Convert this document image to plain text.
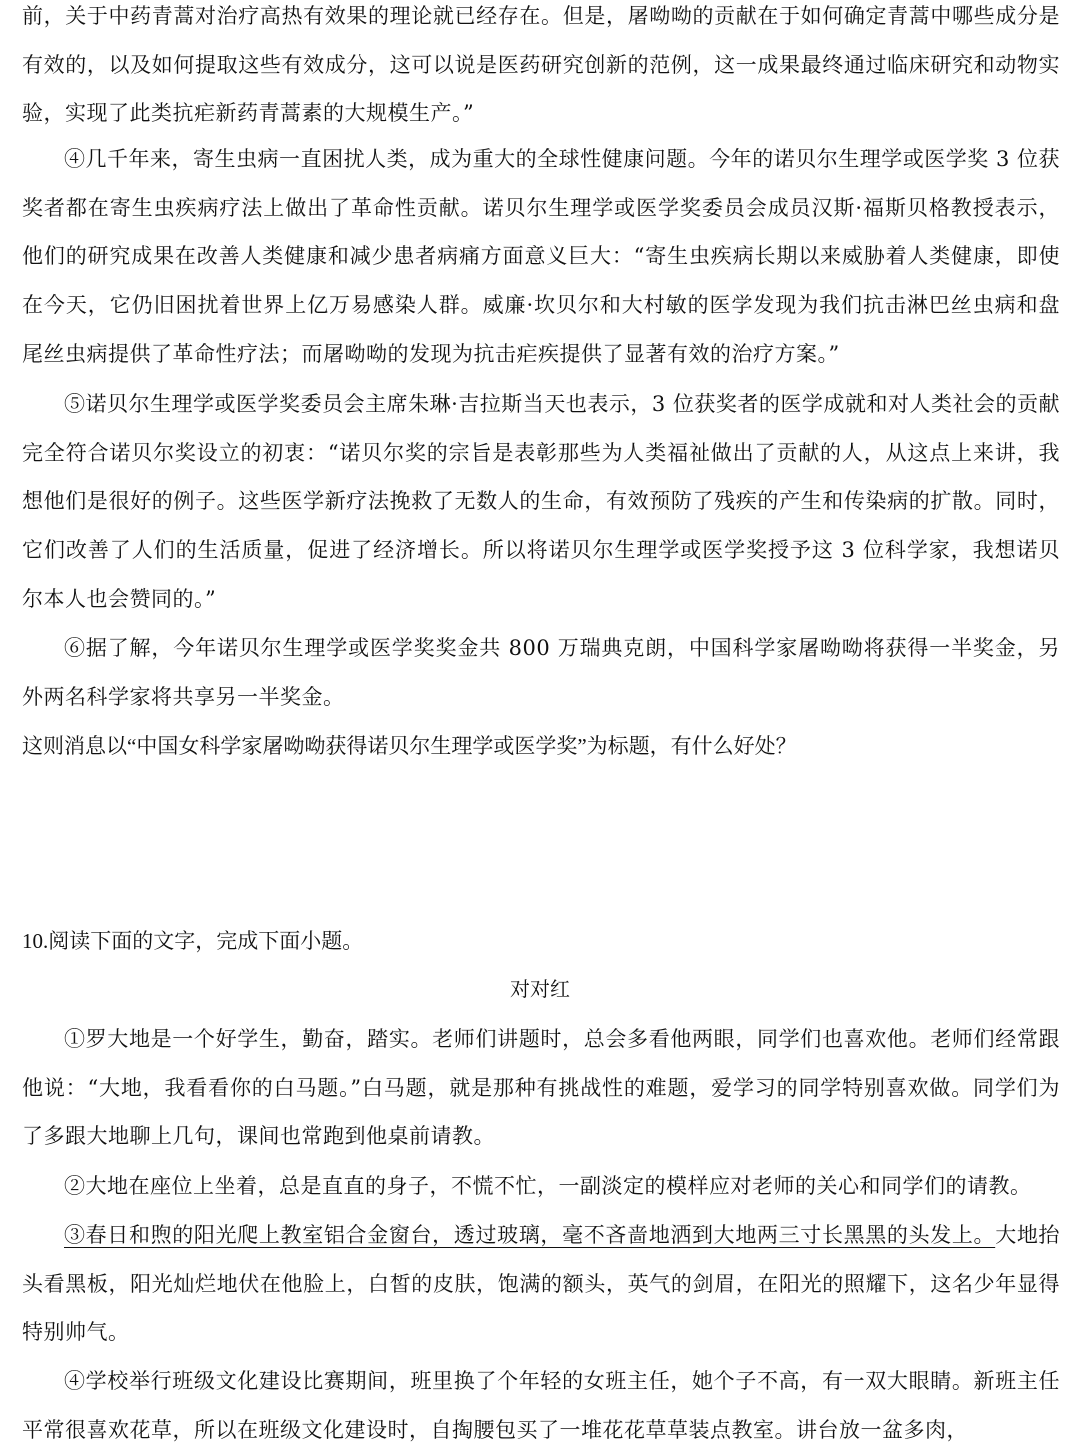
前，关于中药青蒿对治疗高热有效果的理论就已经存在。但是，屠呦呦的贡献在于如何确定青蒿中哪些成分是有效的，以及如何提取这些有效成分，这可以说是医药研究创新的范例，这一成果最终通过临床研究和动物实验，实现了此类抗疟新药青蒿素的大规模生产。”
④几千年来，寄生虫病一直困扰人类，成为重大的全球性健康问题。今年的诺贝尔生理学或医学奖 3 位获奖者都在寄生虫疾病疗法上做出了革命性贡献。诺贝尔生理学或医学奖委员会成员汉斯·福斯贝格教授表示，他们的研究成果在改善人类健康和减少患者病痛方面意义巨大：“寄生虫疾病长期以来威胁着人类健康，即使在今天，它仍旧困扰着世界上亿万易感染人群。威廉·坎贝尔和大村敏的医学发现为我们抗击淋巴丝虫病和盘尾丝虫病提供了革命性疗法；而屠呦呦的发现为抗击疟疾提供了显著有效的治疗方案。”
⑤诺贝尔生理学或医学奖委员会主席朱琳·吉拉斯当天也表示，3 位获奖者的医学成就和对人类社会的贡献完全符合诺贝尔奖设立的初衷：“诺贝尔奖的宗旨是表彰那些为人类福祉做出了贡献的人，从这点上来讲，我想他们是很好的例子。这些医学新疗法挽救了无数人的生命，有效预防了残疾的产生和传染病的扩散。同时，它们改善了人们的生活质量，促进了经济增长。所以将诺贝尔生理学或医学奖授予这 3 位科学家，我想诺贝尔本人也会赞同的。”
⑥据了解，今年诺贝尔生理学或医学奖奖金共 800 万瑞典克朗，中国科学家屠呦呦将获得一半奖金，另外两名科学家将共享另一半奖金。
这则消息以“中国女科学家屠呦呦获得诺贝尔生理学或医学奖”为标题，有什么好处？
10.阅读下面的文字，完成下面小题。
对对红
①罗大地是一个好学生，勤奋，踏实。老师们讲题时，总会多看他两眼，同学们也喜欢他。老师们经常跟他说：“大地，我看看你的白马题。”白马题，就是那种有挑战性的难题，爱学习的同学特别喜欢做。同学们为了多跟大地聊上几句，课间也常跑到他桌前请教。
②大地在座位上坐着，总是直直的身子，不慌不忙，一副淡定的模样应对老师的关心和同学们的请教。
③春日和煦的阳光爬上教室铝合金窗台，透过玻璃，毫不吝啬地洒到大地两三寸长黑黑的头发上。大地抬头看黑板，阳光灿烂地伏在他脸上，白皙的皮肤，饱满的额头，英气的剑眉，在阳光的照耀下，这名少年显得特别帅气。
④学校举行班级文化建设比赛期间，班里换了个年轻的女班主任，她个子不高，有一双大眼睛。新班主任平常很喜欢花草，所以在班级文化建设时，自掏腰包买了一堆花花草草装点教室。讲台放一盆多肉，
